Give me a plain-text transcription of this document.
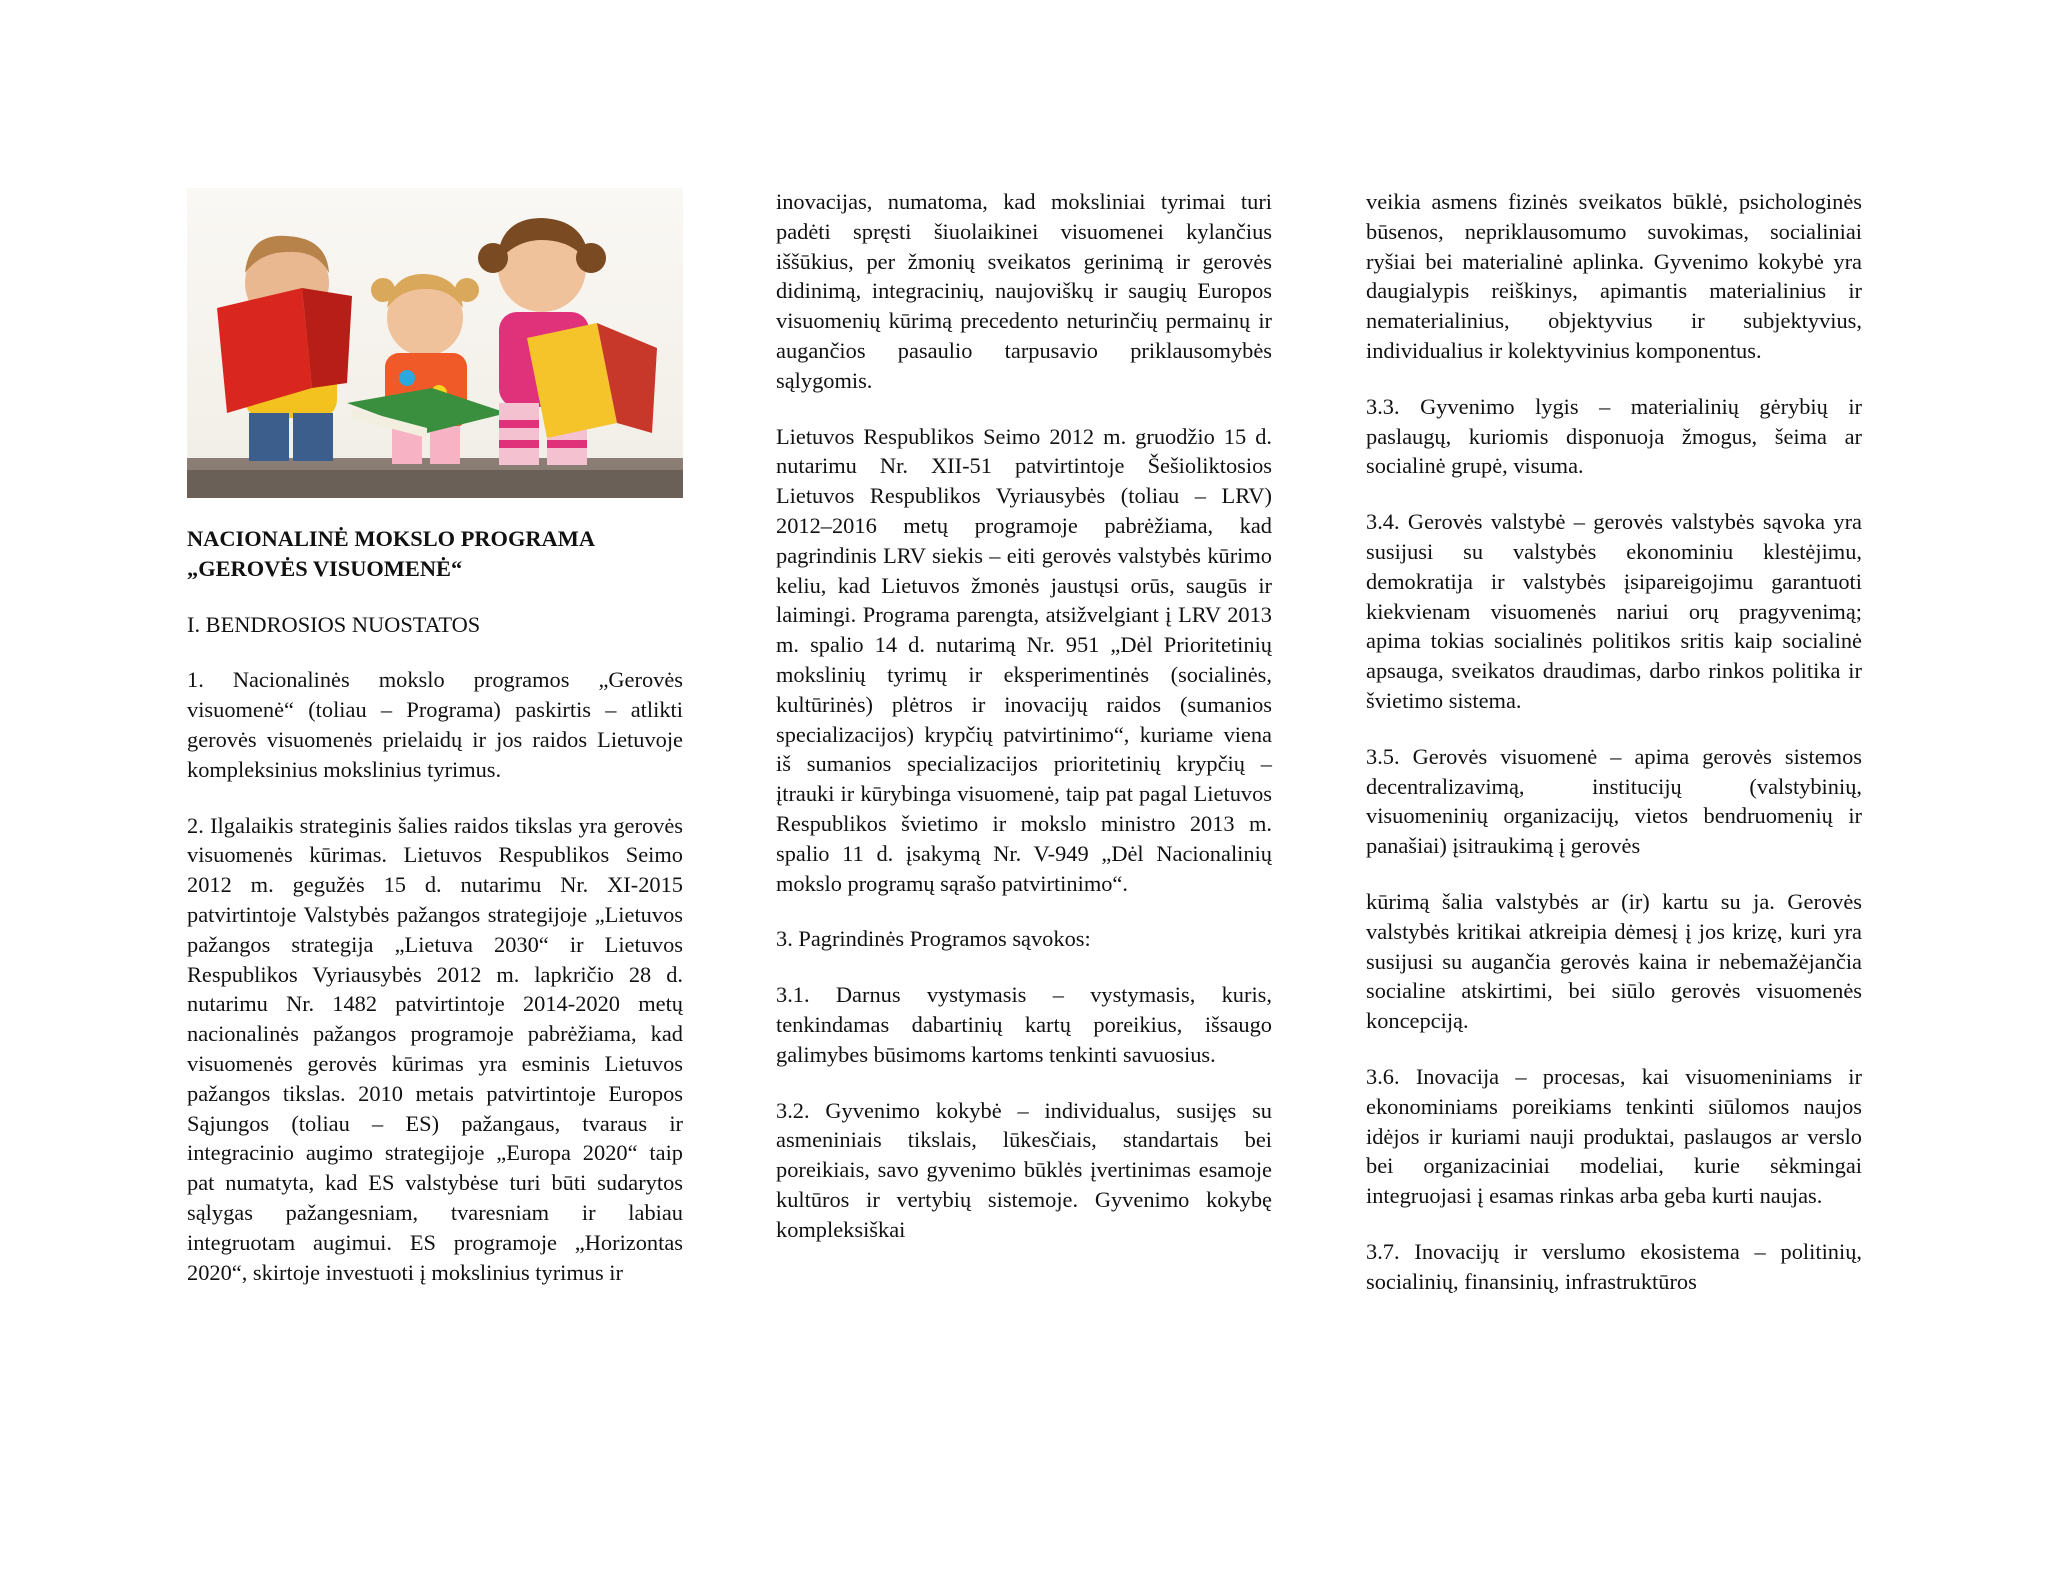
NACIONALINĖ MOKSLO PROGRAMA
„GEROVĖS VISUOMENĖ“

I. BENDROSIOS NUOSTATOS

1. Nacionalinės mokslo programos „Gerovės visuomenė“ (toliau – Programa) paskirtis – atlikti gerovės visuomenės prielaidų ir jos raidos Lietuvoje kompleksinius mokslinius tyrimus.

2. Ilgalaikis strateginis šalies raidos tikslas yra gerovės visuomenės kūrimas. Lietuvos Respublikos Seimo 2012 m. gegužės 15 d. nutarimu Nr. XI-2015 patvirtintoje Valstybės pažangos strategijoje „Lietuvos pažangos strategija „Lietuva 2030“ ir Lietuvos Respublikos Vyriausybės 2012 m. lapkričio 28 d. nutarimu Nr. 1482 patvirtintoje 2014-2020 metų nacionalinės pažangos programoje pabrėžiama, kad visuomenės gerovės kūrimas yra esminis Lietuvos pažangos tikslas. 2010 metais patvirtintoje Europos Sąjungos (toliau – ES) pažangaus, tvaraus ir integracinio augimo strategijoje „Europa 2020“ taip pat numatyta, kad ES valstybėse turi būti sudarytos sąlygas pažangesniam, tvaresniam ir labiau integruotam augimui. ES programoje „Horizontas 2020“, skirtoje investuoti į mokslinius tyrimus ir

inovacijas, numatoma, kad moksliniai tyrimai turi padėti spręsti šiuolaikinei visuomenei kylančius iššūkius, per žmonių sveikatos gerinimą ir gerovės didinimą, integracinių, naujoviškų ir saugių Europos visuomenių kūrimą precedento neturinčių permainų ir augančios pasaulio tarpusavio priklausomybės sąlygomis.

Lietuvos Respublikos Seimo 2012 m. gruodžio 15 d. nutarimu Nr. XII-51 patvirtintoje Šešioliktosios Lietuvos Respublikos Vyriausybės (toliau – LRV) 2012–2016 metų programoje pabrėžiama, kad pagrindinis LRV siekis – eiti gerovės valstybės kūrimo keliu, kad Lietuvos žmonės jaustųsi orūs, saugūs ir laimingi. Programa parengta, atsižvelgiant į LRV 2013 m. spalio 14 d. nutarimą Nr. 951 „Dėl Prioritetinių mokslinių tyrimų ir eksperimentinės (socialinės, kultūrinės) plėtros ir inovacijų raidos (sumanios specializacijos) krypčių patvirtinimo“, kuriame viena iš sumanios specializacijos prioritetinių krypčių – įtrauki ir kūrybinga visuomenė, taip pat pagal Lietuvos Respublikos švietimo ir mokslo ministro 2013 m. spalio 11 d. įsakymą Nr. V-949 „Dėl Nacionalinių mokslo programų sąrašo patvirtinimo“.

3. Pagrindinės Programos sąvokos:

3.1. Darnus vystymasis – vystymasis, kuris, tenkindamas dabartinių kartų poreikius, išsaugo galimybes būsimoms kartoms tenkinti savuosius.

3.2. Gyvenimo kokybė – individualus, susijęs su asmeniniais tikslais, lūkesčiais, standartais bei poreikiais, savo gyvenimo būklės įvertinimas esamoje kultūros ir vertybių sistemoje. Gyvenimo kokybę kompleksiškai

veikia asmens fizinės sveikatos būklė, psichologinės būsenos, nepriklausomumo suvokimas, socialiniai ryšiai bei materialinė aplinka. Gyvenimo kokybė yra daugialypis reiškinys, apimantis materialinius ir nematerialinius, objektyvius ir subjektyvius, individualius ir kolektyvinius komponentus.

3.3. Gyvenimo lygis – materialinių gėrybių ir paslaugų, kuriomis disponuoja žmogus, šeima ar socialinė grupė, visuma.

3.4. Gerovės valstybė – gerovės valstybės sąvoka yra susijusi su valstybės ekonominiu klestėjimu, demokratija ir valstybės įsipareigojimu garantuoti kiekvienam visuomenės nariui orų pragyvenimą; apima tokias socialinės politikos sritis kaip socialinė apsauga, sveikatos draudimas, darbo rinkos politika ir švietimo sistema.

3.5. Gerovės visuomenė – apima gerovės sistemos decentralizavimą, institucijų (valstybinių, visuomeninių organizacijų, vietos bendruomenių ir panašiai) įsitraukimą į gerovės

kūrimą šalia valstybės ar (ir) kartu su ja. Gerovės valstybės kritikai atkreipia dėmesį į jos krizę, kuri yra susijusi su augančia gerovės kaina ir nebemažėjančia socialine atskirtimi, bei siūlo gerovės visuomenės koncepciją.

3.6. Inovacija – procesas, kai visuomeniniams ir ekonominiams poreikiams tenkinti siūlomos naujos idėjos ir kuriami nauji produktai, paslaugos ar verslo bei organizaciniai modeliai, kurie sėkmingai integruojasi į esamas rinkas arba geba kurti naujas.

3.7. Inovacijų ir verslumo ekosistema – politinių, socialinių, finansinių, infrastruktūros
